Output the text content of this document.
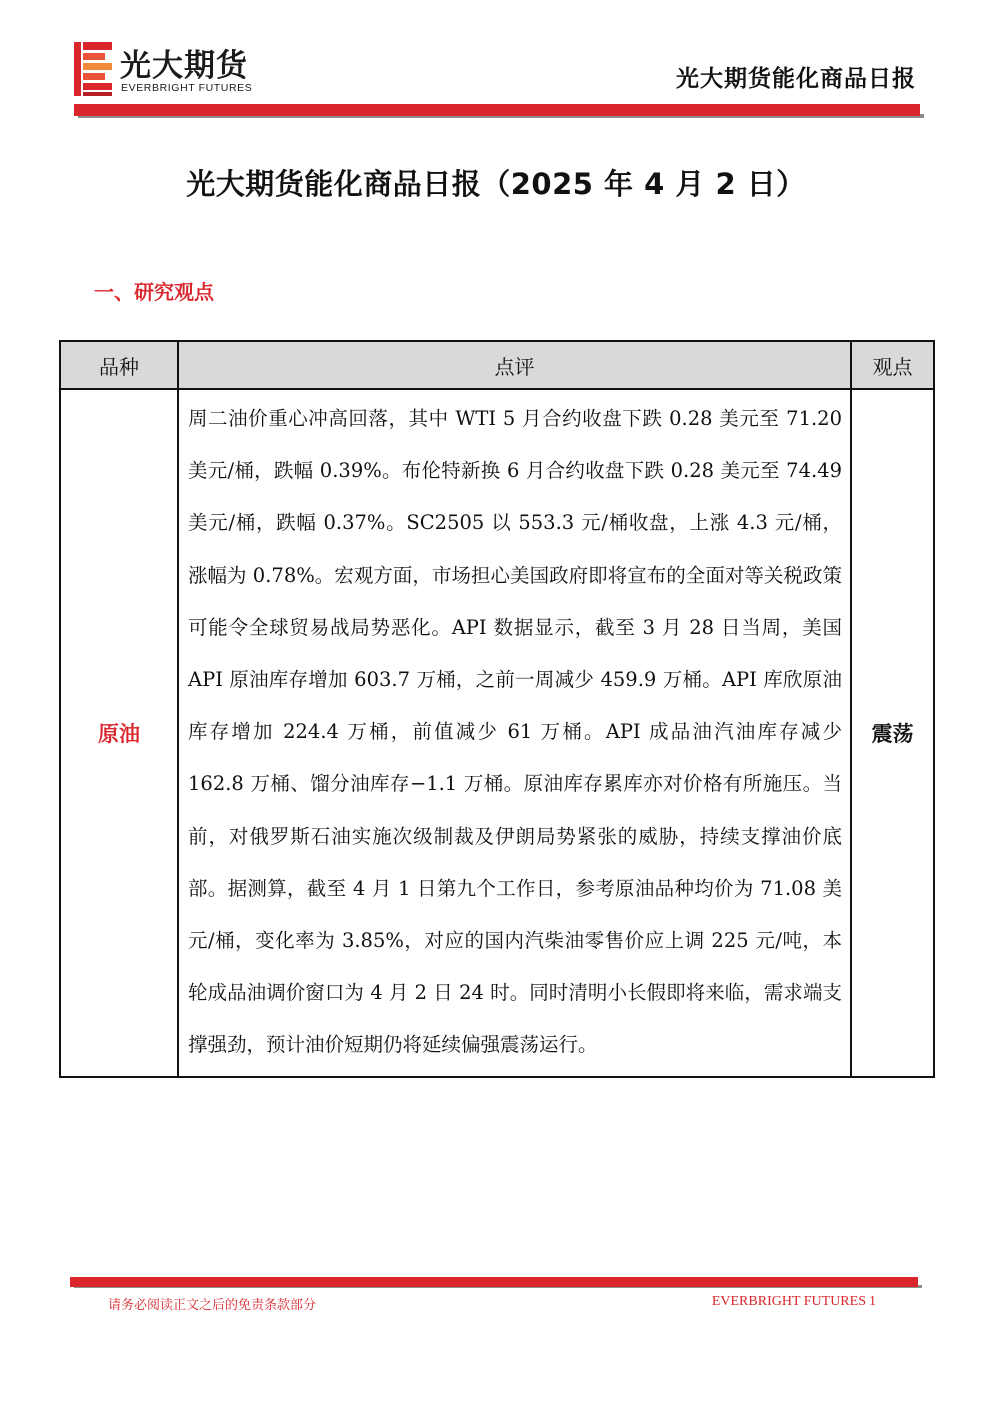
光大期货
EVERBRIGHT FUTURES	光大期货能化商品日报
光大期货能化商品日报（2025 年 4 月 2 日）
一、研究观点
品种	点评	观点
原油	周二油价重心冲高回落，其中 WTI 5 月合约收盘下跌 0.28 美元至 71.20 美元/桶，跌幅 0.39%。布伦特新换 6 月合约收盘下跌 0.28 美元至 74.49 美元/桶，跌幅 0.37%。SC2505 以 553.3 元/桶收盘，上涨 4.3 元/桶，涨幅为 0.78%。宏观方面，市场担心美国政府即将宣布的全面对等关税政策可能令全球贸易战局势恶化。API 数据显示，截至 3 月 28 日当周，美国 API 原油库存增加 603.7 万桶，之前一周减少 459.9 万桶。API 库欣原油库存增加 224.4 万桶，前值减少 61 万桶。API 成品油汽油库存减少 162.8 万桶、馏分油库存−1.1 万桶。原油库存累库亦对价格有所施压。当前，对俄罗斯石油实施次级制裁及伊朗局势紧张的威胁，持续支撑油价底部。据测算，截至 4 月 1 日第九个工作日，参考原油品种均价为 71.08 美元/桶，变化率为 3.85%，对应的国内汽柴油零售价应上调 225 元/吨，本轮成品油调价窗口为 4 月 2 日 24 时。同时清明小长假即将来临，需求端支撑强劲，预计油价短期仍将延续偏强震荡运行。	震荡
请务必阅读正文之后的免责条款部分	EVERBRIGHT FUTURES 1
